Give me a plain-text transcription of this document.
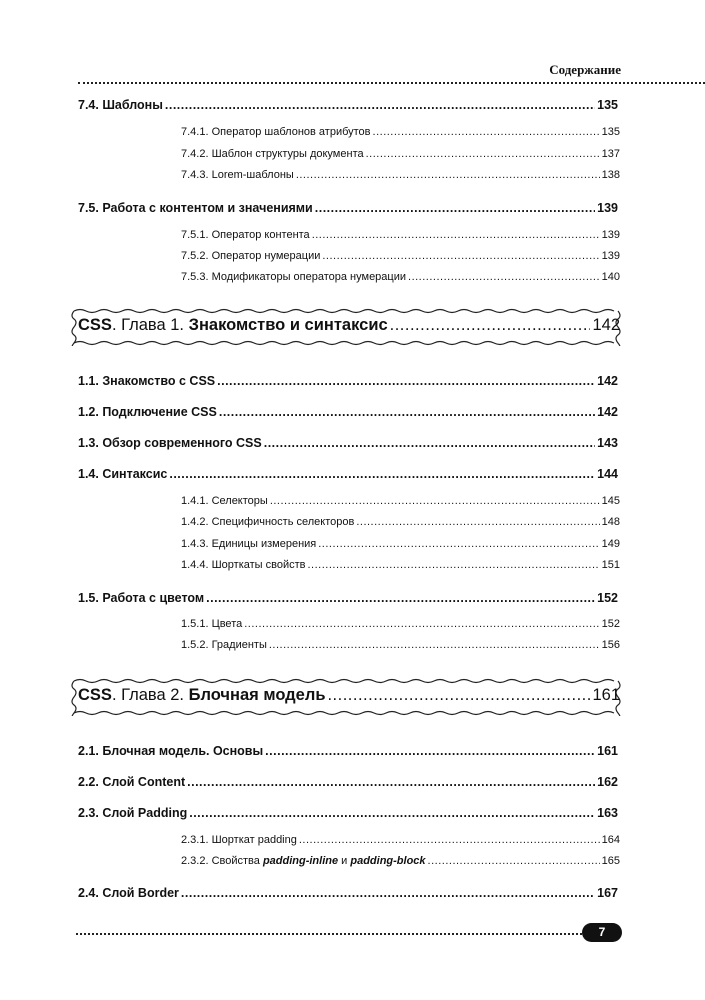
Содержание
7.4. Шаблоны .....	135
7.4.1. Оператор шаблонов атрибутов .....	135
7.4.2. Шаблон структуры документа .....	137
7.4.3. Lorem-шаблоны .....	138
7.5. Работа с контентом и значениями .....	139
7.5.1. Оператор контента .....	139
7.5.2. Оператор нумерации .....	139
7.5.3. Модификаторы оператора нумерации .....	140
CSS. Глава 1. Знакомство и синтаксис .....	142
1.1. Знакомство с CSS .....	142
1.2. Подключение CSS .....	142
1.3. Обзор современного CSS .....	143
1.4. Синтаксис .....	144
1.4.1. Селекторы .....	145
1.4.2. Специфичность селекторов .....	148
1.4.3. Единицы измерения .....	149
1.4.4. Шорткаты свойств .....	151
1.5. Работа с цветом .....	152
1.5.1. Цвета .....	152
1.5.2. Градиенты .....	156
CSS. Глава 2. Блочная модель .....	161
2.1. Блочная модель. Основы .....	161
2.2. Слой Content .....	162
2.3. Слой Padding .....	163
2.3.1. Шорткат padding .....	164
2.3.2. Свойства padding-inline и padding-block .....	165
2.4. Слой Border .....	167
7
